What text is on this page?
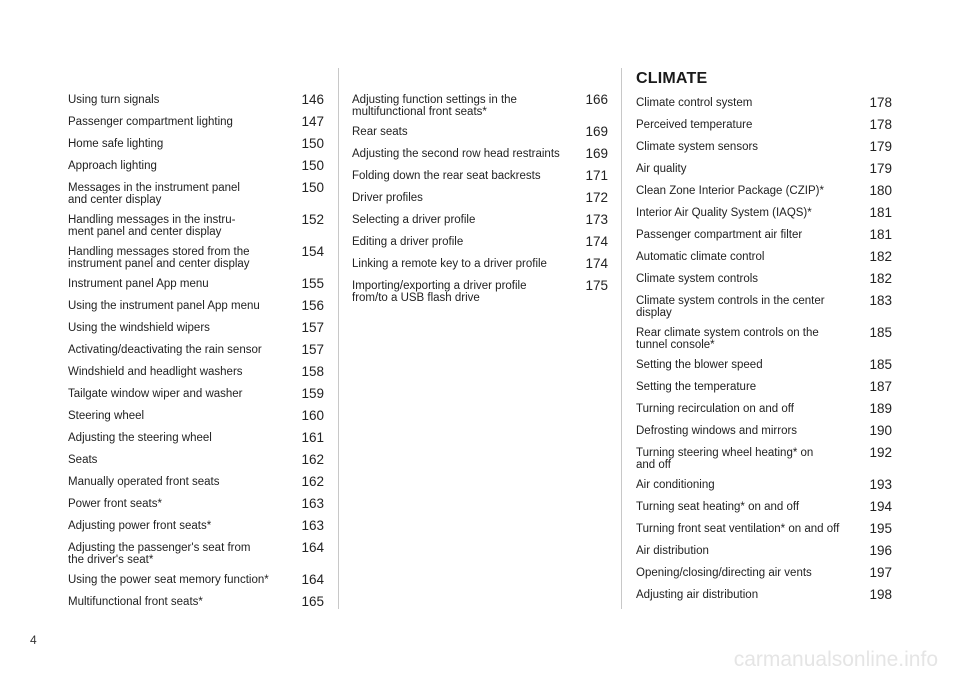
Using turn signals	146
Passenger compartment lighting	147
Home safe lighting	150
Approach lighting	150
Messages in the instrument panel
and center display
150
Handling messages in the instru-
ment panel and center display
152
Handling messages stored from the
instrument panel and center display
154
Instrument panel App menu	155
Using the instrument panel App menu	156
Using the windshield wipers	157
Activating/deactivating the rain sensor	157
Windshield and headlight washers	158
Tailgate window wiper and washer	159
Steering wheel	160
Adjusting the steering wheel	161
Seats	162
Manually operated front seats	162
Power front seats*	163
Adjusting power front seats*	163
Adjusting the passenger's seat from
the driver's seat*
164
Using the power seat memory function* 164
Multifunctional front seats*	165
Adjusting function settings in the
multifunctional front seats*
166
Rear seats	169
Adjusting the second row head restraints 169
Folding down the rear seat backrests	171
Driver profiles	172
Selecting a driver profile	173
Editing a driver profile	174
Linking a remote key to a driver profile	174
Importing/exporting a driver profile
from/to a USB flash drive
175
CLIMATE
Climate control system	178
Perceived temperature	178
Climate system sensors	179
Air quality	179
Clean Zone Interior Package (CZIP)*	180
Interior Air Quality System (IAQS)*	181
Passenger compartment air filter	181
Automatic climate control	182
Climate system controls	182
Climate system controls in the center
display
183
Rear climate system controls on the
tunnel console*
185
Setting the blower speed	185
Setting the temperature	187
Turning recirculation on and off	189
Defrosting windows and mirrors	190
Turning steering wheel heating* on
and off
192
Air conditioning	193
Turning seat heating* on and off	194
Turning front seat ventilation* on and off 195
Air distribution	196
Opening/closing/directing air vents	197
Adjusting air distribution	198
4
carmanualsonline.info
